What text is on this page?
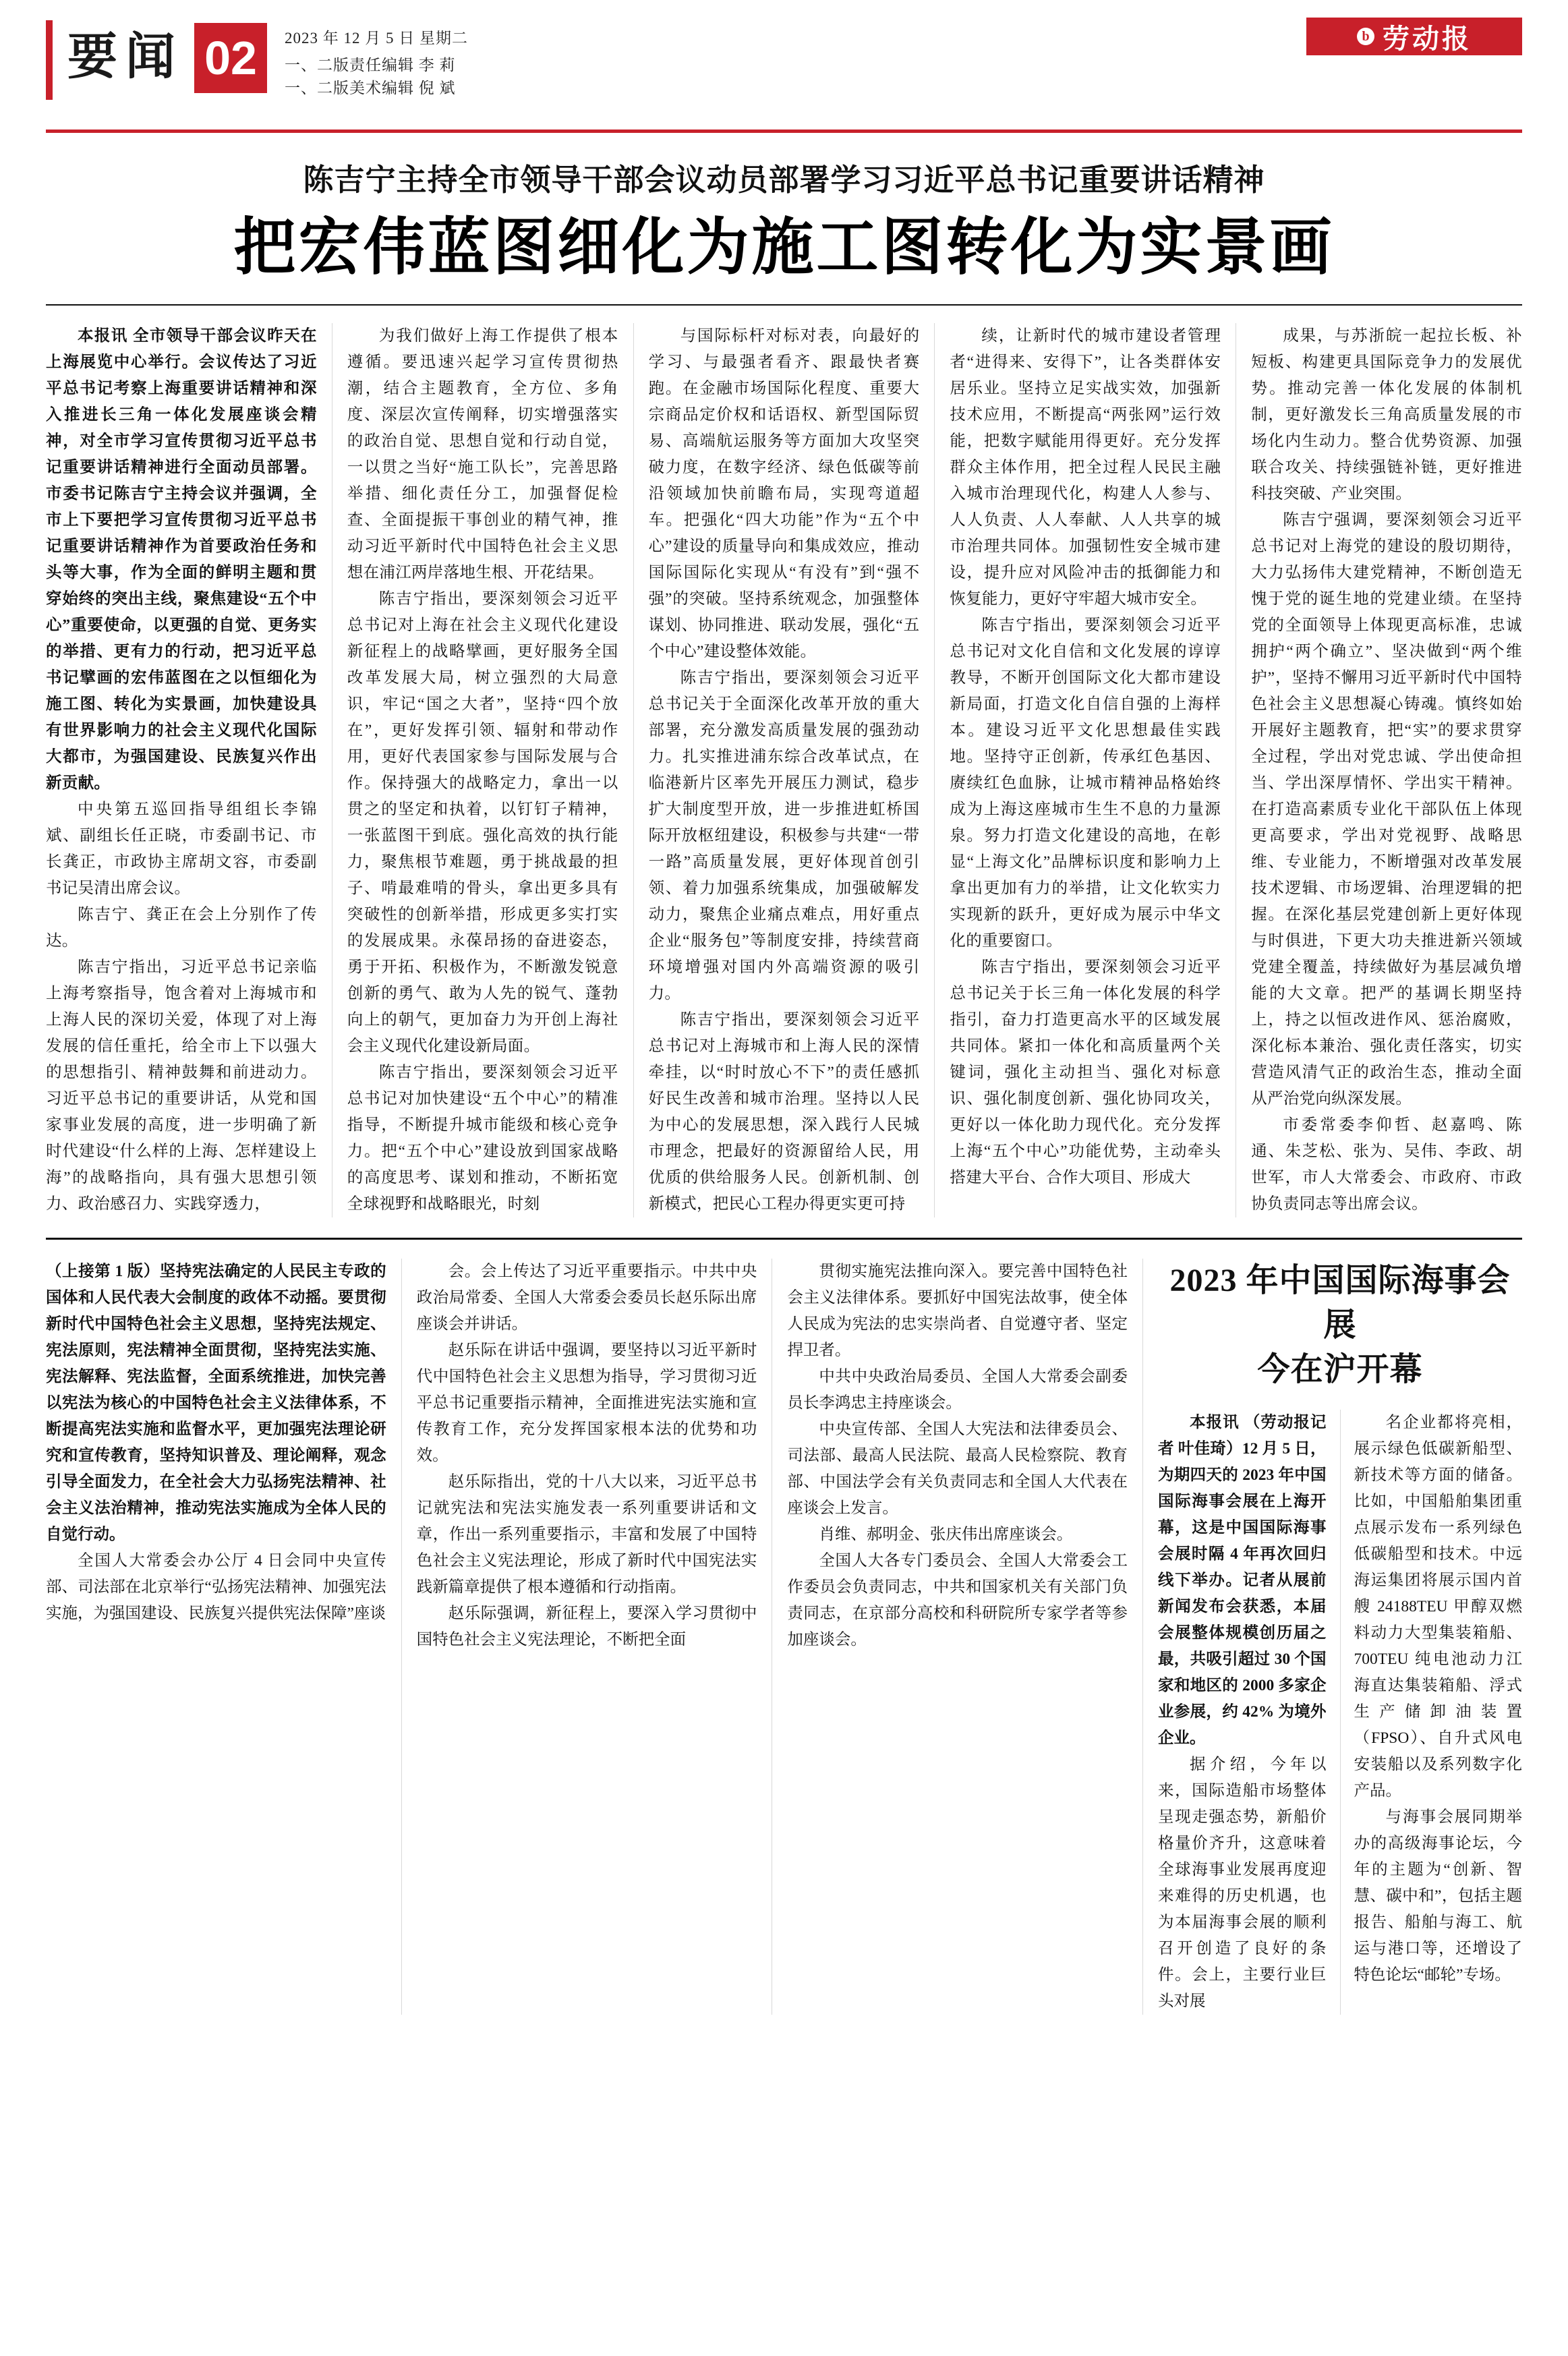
要闻 02	2023 年 12 月 5 日 星期二
一、二版责任编辑 李 莉
一、二版美术编辑 倪 斌
b 劳动报
陈吉宁主持全市领导干部会议动员部署学习习近平总书记重要讲话精神
把宏伟蓝图细化为施工图转化为实景画

本报讯 全市领导干部会议昨天在上海展览中心举行。会议传达了习近平总书记考察上海重要讲话精神和深入推进长三角一体化发展座谈会精神，对全市学习宣传贯彻习近平总书记重要讲话精神进行全面动员部署。市委书记陈吉宁主持会议并强调，全市上下要把学习宣传贯彻习近平总书记重要讲话精神作为首要政治任务和头等大事，作为全面的鲜明主题和贯穿始终的突出主线，聚焦建设“五个中心”重要使命，以更强的自觉、更务实的举措、更有力的行动，把习近平总书记擘画的宏伟蓝图在之以恒细化为施工图、转化为实景画，加快建设具有世界影响力的社会主义现代化国际大都市，为强国建设、民族复兴作出新贡献。

中央第五巡回指导组组长李锦斌、副组长任正晓，市委副书记、市长龚正，市政协主席胡文容，市委副书记吴清出席会议。

陈吉宁、龚正在会上分别作了传达。

陈吉宁指出，习近平总书记亲临上海考察指导，饱含着对上海城市和上海人民的深切关爱，体现了对上海发展的信任重托，给全市上下以强大的思想指引、精神鼓舞和前进动力。习近平总书记的重要讲话，从党和国家事业发展的高度，进一步明确了新时代建设“什么样的上海、怎样建设上海”的战略指向，具有强大思想引领力、政治感召力、实践穿透力，

为我们做好上海工作提供了根本遵循。要迅速兴起学习宣传贯彻热潮，结合主题教育，全方位、多角度、深层次宣传阐释，切实增强落实的政治自觉、思想自觉和行动自觉，一以贯之当好“施工队长”，完善思路举措、细化责任分工，加强督促检查、全面提振干事创业的精气神，推动习近平新时代中国特色社会主义思想在浦江两岸落地生根、开花结果。

陈吉宁指出，要深刻领会习近平总书记对上海在社会主义现代化建设新征程上的战略擘画，更好服务全国改革发展大局，树立强烈的大局意识，牢记“国之大者”，坚持“四个放在”，更好发挥引领、辐射和带动作用，更好代表国家参与国际发展与合作。保持强大的战略定力，拿出一以贯之的坚定和执着，以钉钉子精神，一张蓝图干到底。强化高效的执行能力，聚焦根节难题，勇于挑战最的担子、啃最难啃的骨头，拿出更多具有突破性的创新举措，形成更多实打实的发展成果。永葆昂扬的奋进姿态，勇于开拓、积极作为，不断激发锐意创新的勇气、敢为人先的锐气、蓬勃向上的朝气，更加奋力为开创上海社会主义现代化建设新局面。

陈吉宁指出，要深刻领会习近平总书记对加快建设“五个中心”的精准指导，不断提升城市能级和核心竞争力。把“五个中心”建设放到国家战略的高度思考、谋划和推动，不断拓宽全球视野和战略眼光，时刻

与国际标杆对标对表，向最好的学习、与最强者看齐、跟最快者赛跑。在金融市场国际化程度、重要大宗商品定价权和话语权、新型国际贸易、高端航运服务等方面加大攻坚突破力度，在数字经济、绿色低碳等前沿领域加快前瞻布局，实现弯道超车。把强化“四大功能”作为“五个中心”建设的质量导向和集成效应，推动国际国际化实现从“有没有”到“强不强”的突破。坚持系统观念，加强整体谋划、协同推进、联动发展，强化“五个中心”建设整体效能。

陈吉宁指出，要深刻领会习近平总书记关于全面深化改革开放的重大部署，充分激发高质量发展的强劲动力。扎实推进浦东综合改革试点，在临港新片区率先开展压力测试，稳步扩大制度型开放，进一步推进虹桥国际开放枢纽建设，积极参与共建“一带一路”高质量发展，更好体现首创引领、着力加强系统集成，加强破解发动力，聚焦企业痛点难点，用好重点企业“服务包”等制度安排，持续营商环境增强对国内外高端资源的吸引力。

陈吉宁指出，要深刻领会习近平总书记对上海城市和上海人民的深情牵挂，以“时时放心不下”的责任感抓好民生改善和城市治理。坚持以人民为中心的发展思想，深入践行人民城市理念，把最好的资源留给人民，用优质的供给服务人民。创新机制、创新模式，把民心工程办得更实更可持

续，让新时代的城市建设者管理者“进得来、安得下”，让各类群体安居乐业。坚持立足实战实效，加强新技术应用，不断提高“两张网”运行效能，把数字赋能用得更好。充分发挥群众主体作用，把全过程人民民主融入城市治理现代化，构建人人参与、人人负责、人人奉献、人人共享的城市治理共同体。加强韧性安全城市建设，提升应对风险冲击的抵御能力和恢复能力，更好守牢超大城市安全。

陈吉宁指出，要深刻领会习近平总书记对文化自信和文化发展的谆谆教导，不断开创国际文化大都市建设新局面，打造文化自信自强的上海样本。建设习近平文化思想最佳实践地。坚持守正创新，传承红色基因、赓续红色血脉，让城市精神品格始终成为上海这座城市生生不息的力量源泉。努力打造文化建设的高地，在彰显“上海文化”品牌标识度和影响力上拿出更加有力的举措，让文化软实力实现新的跃升，更好成为展示中华文化的重要窗口。

陈吉宁指出，要深刻领会习近平总书记关于长三角一体化发展的科学指引，奋力打造更高水平的区域发展共同体。紧扣一体化和高质量两个关键词，强化主动担当、强化对标意识、强化制度创新、强化协同攻关，更好以一体化助力现代化。充分发挥上海“五个中心”功能优势，主动牵头搭建大平台、合作大项目、形成大

成果，与苏浙皖一起拉长板、补短板、构建更具国际竞争力的发展优势。推动完善一体化发展的体制机制，更好激发长三角高质量发展的市场化内生动力。整合优势资源、加强联合攻关、持续强链补链，更好推进科技突破、产业突围。

陈吉宁强调，要深刻领会习近平总书记对上海党的建设的殷切期待，大力弘扬伟大建党精神，不断创造无愧于党的诞生地的党建业绩。在坚持党的全面领导上体现更高标准，忠诚拥护“两个确立”、坚决做到“两个维护”，坚持不懈用习近平新时代中国特色社会主义思想凝心铸魂。慎终如始开展好主题教育，把“实”的要求贯穿全过程，学出对党忠诚、学出使命担当、学出深厚情怀、学出实干精神。在打造高素质专业化干部队伍上体现更高要求，学出对党视野、战略思维、专业能力，不断增强对改革发展技术逻辑、市场逻辑、治理逻辑的把握。在深化基层党建创新上更好体现与时俱进，下更大功夫推进新兴领域党建全覆盖，持续做好为基层减负增能的大文章。把严的基调长期坚持上，持之以恒改进作风、惩治腐败，深化标本兼治、强化责任落实，切实营造风清气正的政治生态，推动全面从严治党向纵深发展。

市委常委李仰哲、赵嘉鸣、陈通、朱芝松、张为、吴伟、李政、胡世军，市人大常委会、市政府、市政协负责同志等出席会议。

（上接第 1 版）坚持宪法确定的人民民主专政的国体和人民代表大会制度的政体不动摇。要贯彻新时代中国特色社会主义思想，坚持宪法规定、宪法原则，宪法精神全面贯彻，坚持宪法实施、宪法解释、宪法监督，全面系统推进，加快完善以宪法为核心的中国特色社会主义法律体系，不断提高宪法实施和监督水平，更加强宪法理论研究和宣传教育，坚持知识普及、理论阐释，观念引导全面发力，在全社会大力弘扬宪法精神、社会主义法治精神，推动宪法实施成为全体人民的自觉行动。

全国人大常委会办公厅 4 日会同中央宣传部、司法部在北京举行“弘扬宪法精神、加强宪法实施，为强国建设、民族复兴提供宪法保障”座谈

会。会上传达了习近平重要指示。中共中央政治局常委、全国人大常委会委员长赵乐际出席座谈会并讲话。

赵乐际在讲话中强调，要坚持以习近平新时代中国特色社会主义思想为指导，学习贯彻习近平总书记重要指示精神，全面推进宪法实施和宣传教育工作，充分发挥国家根本法的优势和功效。

赵乐际指出，党的十八大以来，习近平总书记就宪法和宪法实施发表一系列重要讲话和文章，作出一系列重要指示，丰富和发展了中国特色社会主义宪法理论，形成了新时代中国宪法实践新篇章提供了根本遵循和行动指南。

赵乐际强调，新征程上，要深入学习贯彻中国特色社会主义宪法理论，不断把全面

贯彻实施宪法推向深入。要完善中国特色社会主义法律体系。要抓好中国宪法故事，使全体人民成为宪法的忠实崇尚者、自觉遵守者、坚定捍卫者。

中共中央政治局委员、全国人大常委会副委员长李鸿忠主持座谈会。

中央宣传部、全国人大宪法和法律委员会、司法部、最高人民法院、最高人民检察院、教育部、中国法学会有关负责同志和全国人大代表在座谈会上发言。

肖维、郝明金、张庆伟出席座谈会。

全国人大各专门委员会、全国人大常委会工作委员会负责同志，中共和国家机关有关部门负责同志，在京部分高校和科研院所专家学者等参加座谈会。

2023 年中国国际海事会展
今在沪开幕

本报讯 （劳动报记者 叶佳琦）12 月 5 日，为期四天的 2023 年中国国际海事会展在上海开幕，这是中国国际海事会展时隔 4 年再次回归线下举办。记者从展前新闻发布会获悉，本届会展整体规模创历届之最，共吸引超过 30 个国家和地区的 2000 多家企业参展，约 42% 为境外企业。

据介绍，今年以来，国际造船市场整体呈现走强态势，新船价格量价齐升，这意味着全球海事业发展再度迎来难得的历史机遇，也为本届海事会展的顺利召开创造了良好的条件。会上，主要行业巨头对展

名企业都将亮相，展示绿色低碳新船型、新技术等方面的储备。比如，中国船舶集团重点展示发布一系列绿色低碳船型和技术。中远海运集团将展示国内首艘 24188TEU 甲醇双燃料动力大型集装箱船、700TEU 纯电池动力江海直达集装箱船、浮式生产储卸油装置（FPSO）、自升式风电安装船以及系列数字化产品。

与海事会展同期举办的高级海事论坛，今年的主题为“创新、智慧、碳中和”，包括主题报告、船舶与海工、航运与港口等，还增设了特色论坛“邮轮”专场。
